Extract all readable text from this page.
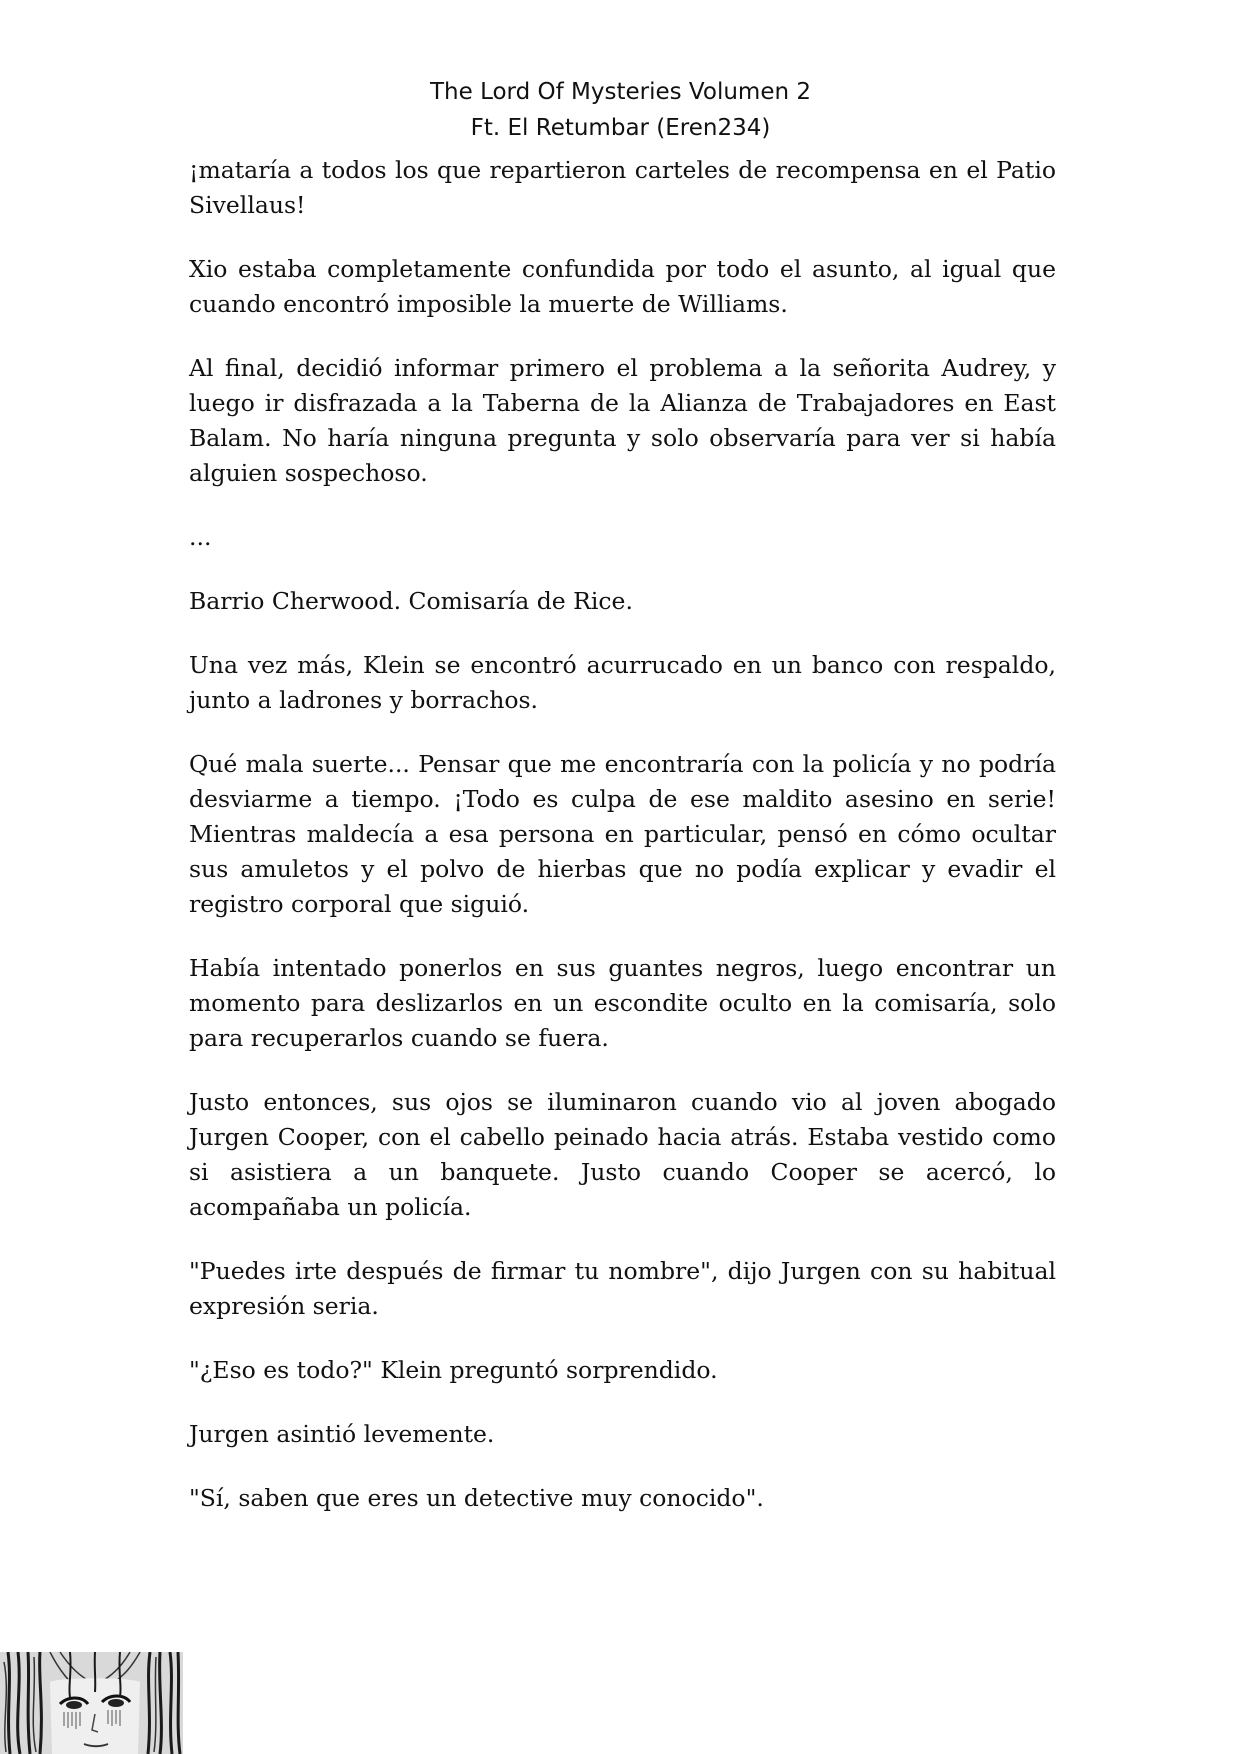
The Lord Of Mysteries Volumen 2
Ft. El Retumbar (Eren234)

¡mataría a todos los que repartieron carteles de recompensa en el Patio Sivellaus!

Xio estaba completamente confundida por todo el asunto, al igual que cuando encontró imposible la muerte de Williams.

Al final, decidió informar primero el problema a la señorita Audrey, y luego ir disfrazada a la Taberna de la Alianza de Trabajadores en East Balam. No haría ninguna pregunta y solo observaría para ver si había alguien sospechoso.

...

Barrio Cherwood. Comisaría de Rice.

Una vez más, Klein se encontró acurrucado en un banco con respaldo, junto a ladrones y borrachos.

Qué mala suerte... Pensar que me encontraría con la policía y no podría desviarme a tiempo. ¡Todo es culpa de ese maldito asesino en serie! Mientras maldecía a esa persona en particular, pensó en cómo ocultar sus amuletos y el polvo de hierbas que no podía explicar y evadir el registro corporal que siguió.

Había intentado ponerlos en sus guantes negros, luego encontrar un momento para deslizarlos en un escondite oculto en la comisaría, solo para recuperarlos cuando se fuera.

Justo entonces, sus ojos se iluminaron cuando vio al joven abogado Jurgen Cooper, con el cabello peinado hacia atrás. Estaba vestido como si asistiera a un banquete. Justo cuando Cooper se acercó, lo acompañaba un policía.

"Puedes irte después de firmar tu nombre", dijo Jurgen con su habitual expresión seria.

"¿Eso es todo?" Klein preguntó sorprendido.

Jurgen asintió levemente.

"Sí, saben que eres un detective muy conocido".
